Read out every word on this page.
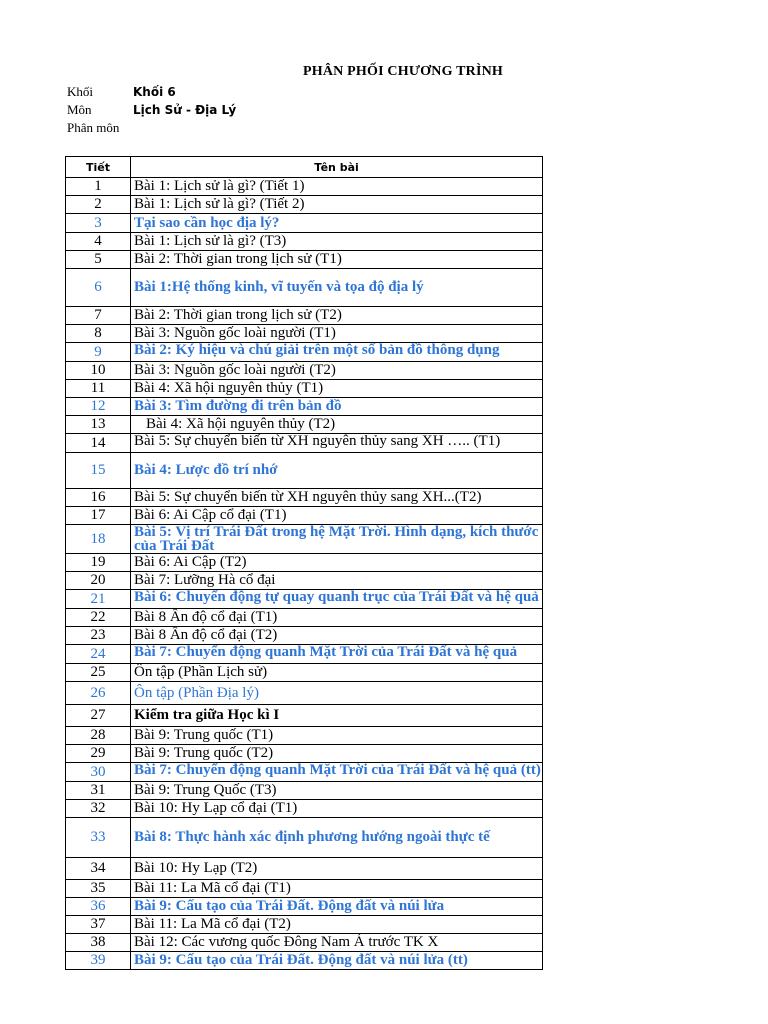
PHÂN PHỐI CHƯƠNG TRÌNH
Khối	Khối 6
Môn	Lịch Sử - Địa Lý
Phân môn
Tiết	Tên bài
1	Bài 1: Lịch sử là gì? (Tiết 1)
2	Bài 1: Lịch sử là gì? (Tiết 2)
3	Tại sao cần học địa lý?
4	Bài 1: Lịch sử là gì? (T3)
5	Bài 2: Thời gian trong lịch sử (T1)
6	Bài 1:Hệ thống kinh, vĩ tuyến và tọa độ địa lý
7	Bài 2: Thời gian trong lịch sử (T2)
8	Bài 3: Nguồn gốc loài người (T1)
9	Bài 2: Ký hiệu và chú giải trên một số bản đồ thông dụng
10	Bài 3: Nguồn gốc loài người (T2)
11	Bài 4: Xã hội nguyên thủy (T1)
12	Bài 3: Tìm đường đi trên bản đồ
13	Bài 4: Xã hội nguyên thủy (T2)
14	Bài 5: Sự chuyển biến từ XH nguyên thủy sang XH ….. (T1)
15	Bài 4: Lược đồ trí nhớ
16	Bài 5: Sự chuyển biến từ XH nguyên thủy sang XH...(T2)
17	Bài 6: Ai Cập cổ đại (T1)
18	Bài 5: Vị trí Trái Đất trong hệ Mặt Trời. Hình dạng, kích thước của Trái Đất
19	Bài 6: Ai Cập (T2)
20	Bài 7: Lưỡng Hà cổ đại
21	Bài 6: Chuyển động tự quay quanh trục của Trái Đất và hệ quả
22	Bài 8 Ấn độ cổ đại (T1)
23	Bài 8 Ấn độ cổ đại (T2)
24	Bài 7: Chuyển động quanh Mặt Trời của Trái Đất và hệ quả
25	Ôn tập (Phần Lịch sử)
26	Ôn tập (Phần Địa lý)
27	Kiểm tra giữa Học kì I
28	Bài 9: Trung quốc (T1)
29	Bài 9: Trung quốc (T2)
30	Bài 7: Chuyển động quanh Mặt Trời của Trái Đất và hệ quả (tt)
31	Bài 9: Trung Quốc (T3)
32	Bài 10: Hy Lạp cổ đại (T1)
33	Bài 8: Thực hành xác định phương hướng ngoài thực tế
34	Bài 10: Hy Lạp (T2)
35	Bài 11: La Mã cổ đại (T1)
36	Bài 9: Cấu tạo của Trái Đất. Động đất và núi lửa
37	Bài 11: La Mã cổ đại (T2)
38	Bài 12: Các vương quốc Đông Nam Á trước TK X
39	Bài 9: Cấu tạo của Trái Đất. Động đất và núi lửa (tt)
